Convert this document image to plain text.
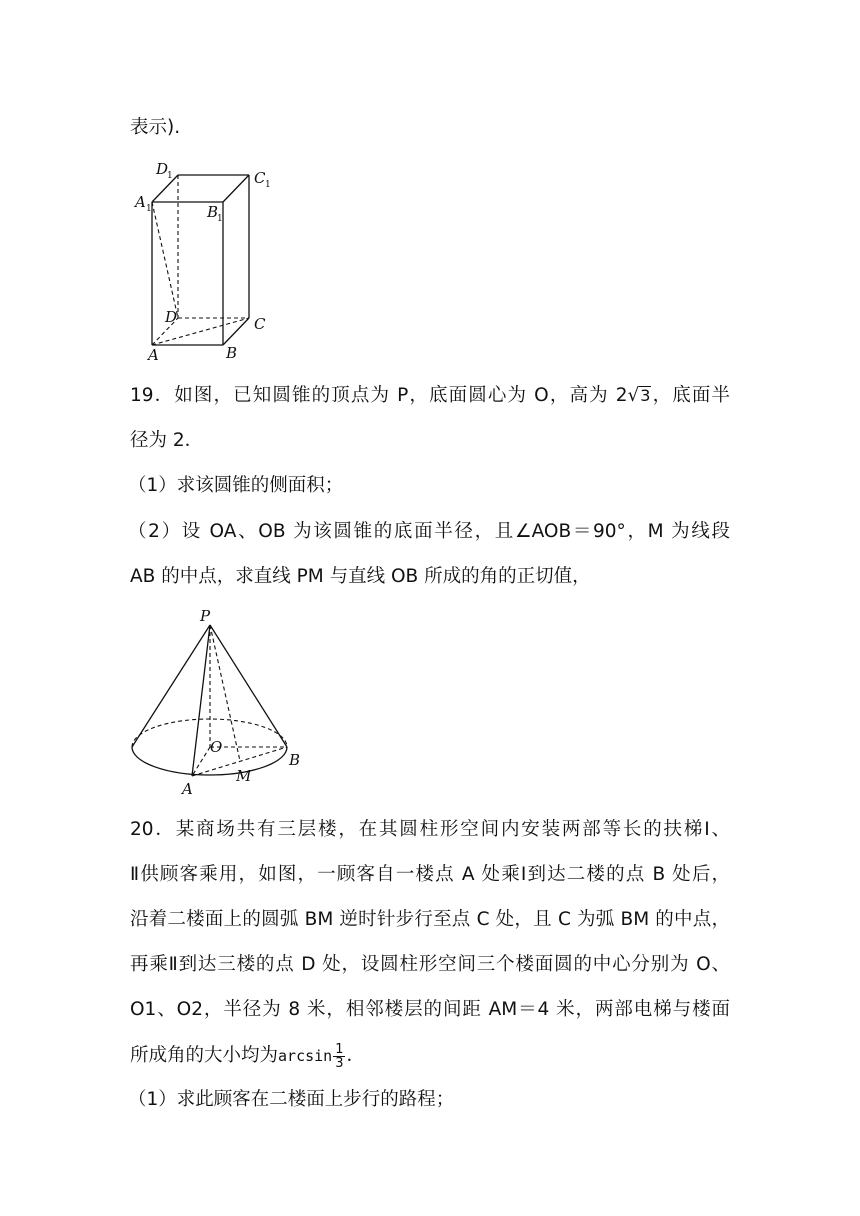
表示).
D
1	C 1
A 1	B
1
D	C
A	B
19．如图，已知圆锥的顶点为 P，底面圆心为 O，高为 2√3，底面半
径为 2．
（1）求该圆锥的侧面积；
（2）设 OA、OB 为该圆锥的底面半径，且∠AOB＝90°，M 为线段
AB 的中点，求直线 PM 与直线 OB 所成的角的正切值，
P
O
A
M
B
20．某商场共有三层楼，在其圆柱形空间内安装两部等长的扶梯Ⅰ、
Ⅱ供顾客乘用，如图，一顾客自一楼点 A 处乘Ⅰ到达二楼的点 B 处后，
沿着二楼面上的圆弧 BM 逆时针步行至点 C 处，且 C 为弧 BM 的中点，
再乘Ⅱ到达三楼的点 D 处，设圆柱形空间三个楼面圆的中心分别为 O、
O1、O2，半径为 8 米，相邻楼层的间距 AM＝4 米，两部电梯与楼面
所成角的大小均为$\arcsin \frac{1}{3}$ ．
（1）求此顾客在二楼面上步行的路程；
